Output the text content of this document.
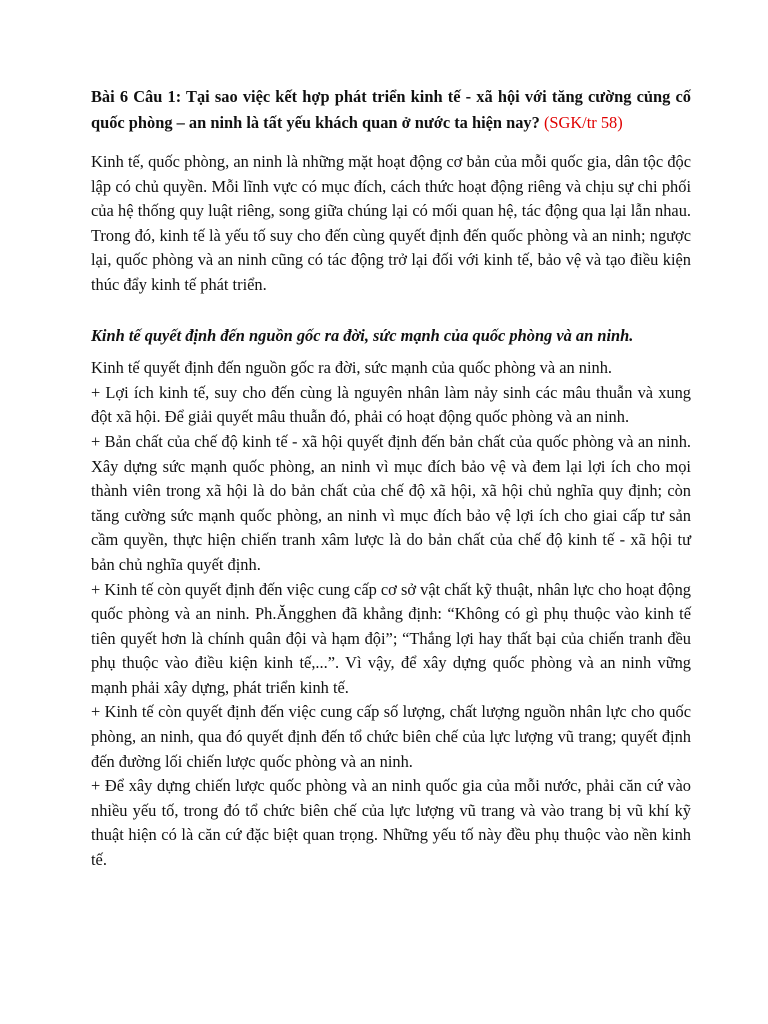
Bài 6 Câu 1: Tại sao việc kết hợp phát triển kinh tế - xã hội với tăng cường củng cố quốc phòng – an ninh là tất yếu khách quan ở nước ta hiện nay? (SGK/tr 58)

Kinh tế, quốc phòng, an ninh là những mặt hoạt động cơ bản của mỗi quốc gia, dân tộc độc lập có chủ quyền. Mỗi lĩnh vực có mục đích, cách thức hoạt động riêng và chịu sự chi phối của hệ thống quy luật riêng, song giữa chúng lại có mối quan hệ, tác động qua lại lẫn nhau. Trong đó, kinh tế là yếu tố suy cho đến cùng quyết định đến quốc phòng và an ninh; ngược lại, quốc phòng và an ninh cũng có tác động trở lại đối với kinh tế, bảo vệ và tạo điều kiện thúc đẩy kinh tế phát triển.

Kinh tế quyết định đến nguồn gốc ra đời, sức mạnh của quốc phòng và an ninh.

Kinh tế quyết định đến nguồn gốc ra đời, sức mạnh của quốc phòng và an ninh.

+ Lợi ích kinh tế, suy cho đến cùng là nguyên nhân làm nảy sinh các mâu thuẫn và xung đột xã hội. Để giải quyết mâu thuẫn đó, phải có hoạt động quốc phòng và an ninh.

+ Bản chất của chế độ kinh tế - xã hội quyết định đến bản chất của quốc phòng và an ninh. Xây dựng sức mạnh quốc phòng, an ninh vì mục đích bảo vệ và đem lại lợi ích cho mọi thành viên trong xã hội là do bản chất của chế độ xã hội, xã hội chủ nghĩa quy định; còn tăng cường sức mạnh quốc phòng, an ninh vì mục đích bảo vệ lợi ích cho giai cấp tư sản cầm quyền, thực hiện chiến tranh xâm lược là do bản chất của chế độ kinh tế - xã hội tư bản chủ nghĩa quyết định.

+ Kinh tế còn quyết định đến việc cung cấp cơ sở vật chất kỹ thuật, nhân lực cho hoạt động quốc phòng và an ninh. Ph.Ăngghen đã khẳng định: “Không có gì phụ thuộc vào kinh tế tiên quyết hơn là chính quân đội và hạm đội”; “Thắng lợi hay thất bại của chiến tranh đều phụ thuộc vào điều kiện kinh tế,...”. Vì vậy, để xây dựng quốc phòng và an ninh vững mạnh phải xây dựng, phát triển kinh tế.

+ Kinh tế còn quyết định đến việc cung cấp số lượng, chất lượng nguồn nhân lực cho quốc phòng, an ninh, qua đó quyết định đến tổ chức biên chế của lực lượng vũ trang; quyết định đến đường lối chiến lược quốc phòng và an ninh.

+ Để xây dựng chiến lược quốc phòng và an ninh quốc gia của mỗi nước, phải căn cứ vào nhiều yếu tố, trong đó tổ chức biên chế của lực lượng vũ trang và vào trang bị vũ khí kỹ thuật hiện có là căn cứ đặc biệt quan trọng. Những yếu tố này đều phụ thuộc vào nền kinh tế.
